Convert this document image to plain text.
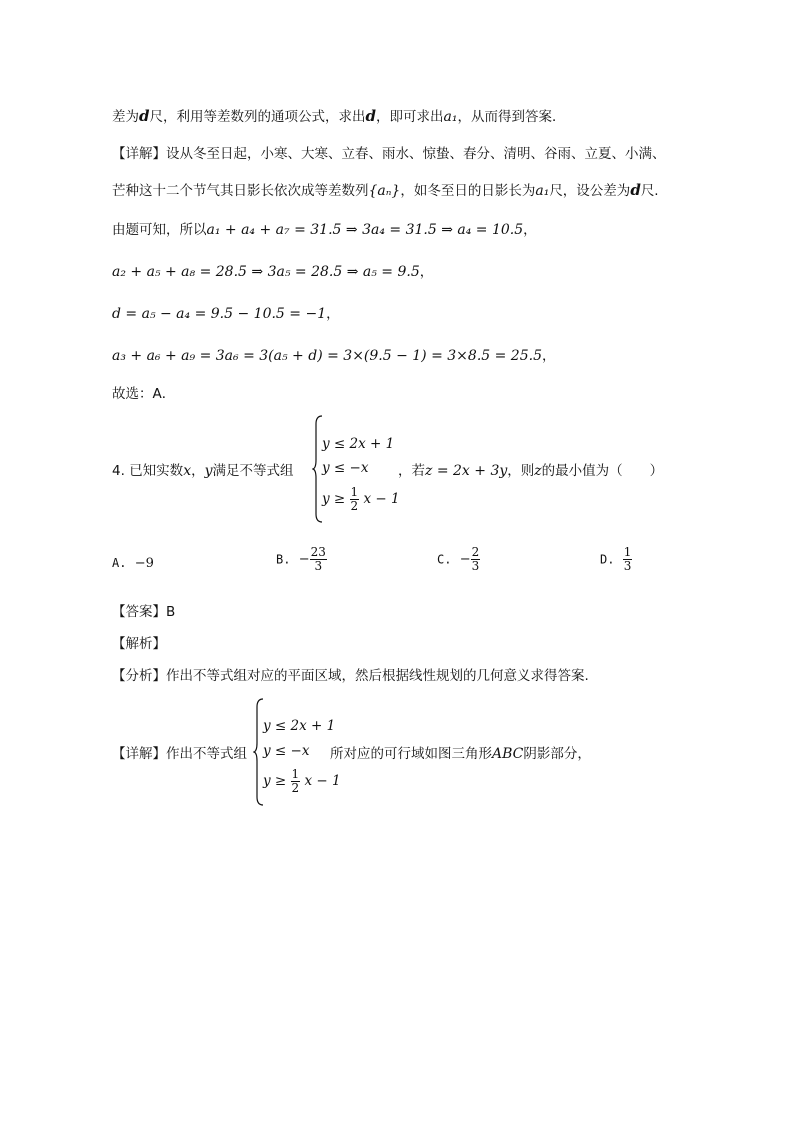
差为d尺，利用等差数列的通项公式，求出d，即可求出a₁，从而得到答案．
【详解】设从冬至日起，小寒、大寒、立春、雨水、惊蛰、春分、清明、谷雨、立夏、小满、
芒种这十二个节气其日影长依次成等差数列{aₙ}，如冬至日的日影长为a₁尺，设公差为d尺.
由题可知，所以a₁ + a₄ + a₇ = 31.5 ⇒ 3a₄ = 31.5 ⇒ a₄ = 10.5，
a₂ + a₅ + a₈ = 28.5 ⇒ 3a₅ = 28.5 ⇒ a₅ = 9.5，
d = a₅ − a₄ = 9.5 − 10.5 = −1，
a₃ + a₆ + a₉ = 3a₆ = 3(a₅ + d) = 3×(9.5 − 1) = 3×8.5 = 25.5，
故选：A．
4. 已知实数x，y满足不等式组
y ≤ 2x + 1
y ≤ −x
$y \ge \frac{1}{2}$ x − 1
，若z = 2x + 3y，则z的最小值为（　　）
A. −9	B. − $\frac{23}{3}$	C. − $\frac{2}{3}$	D. $\frac{1}{3}$
【答案】B
【解析】
【分析】作出不等式组对应的平面区域，然后根据线性规划的几何意义求得答案.
【详解】作出不等式组
y ≤ 2x + 1
y ≤ −x
$y \ge \frac{1}{2}$ x − 1
所对应的可行域如图三角形ABC阴影部分，
